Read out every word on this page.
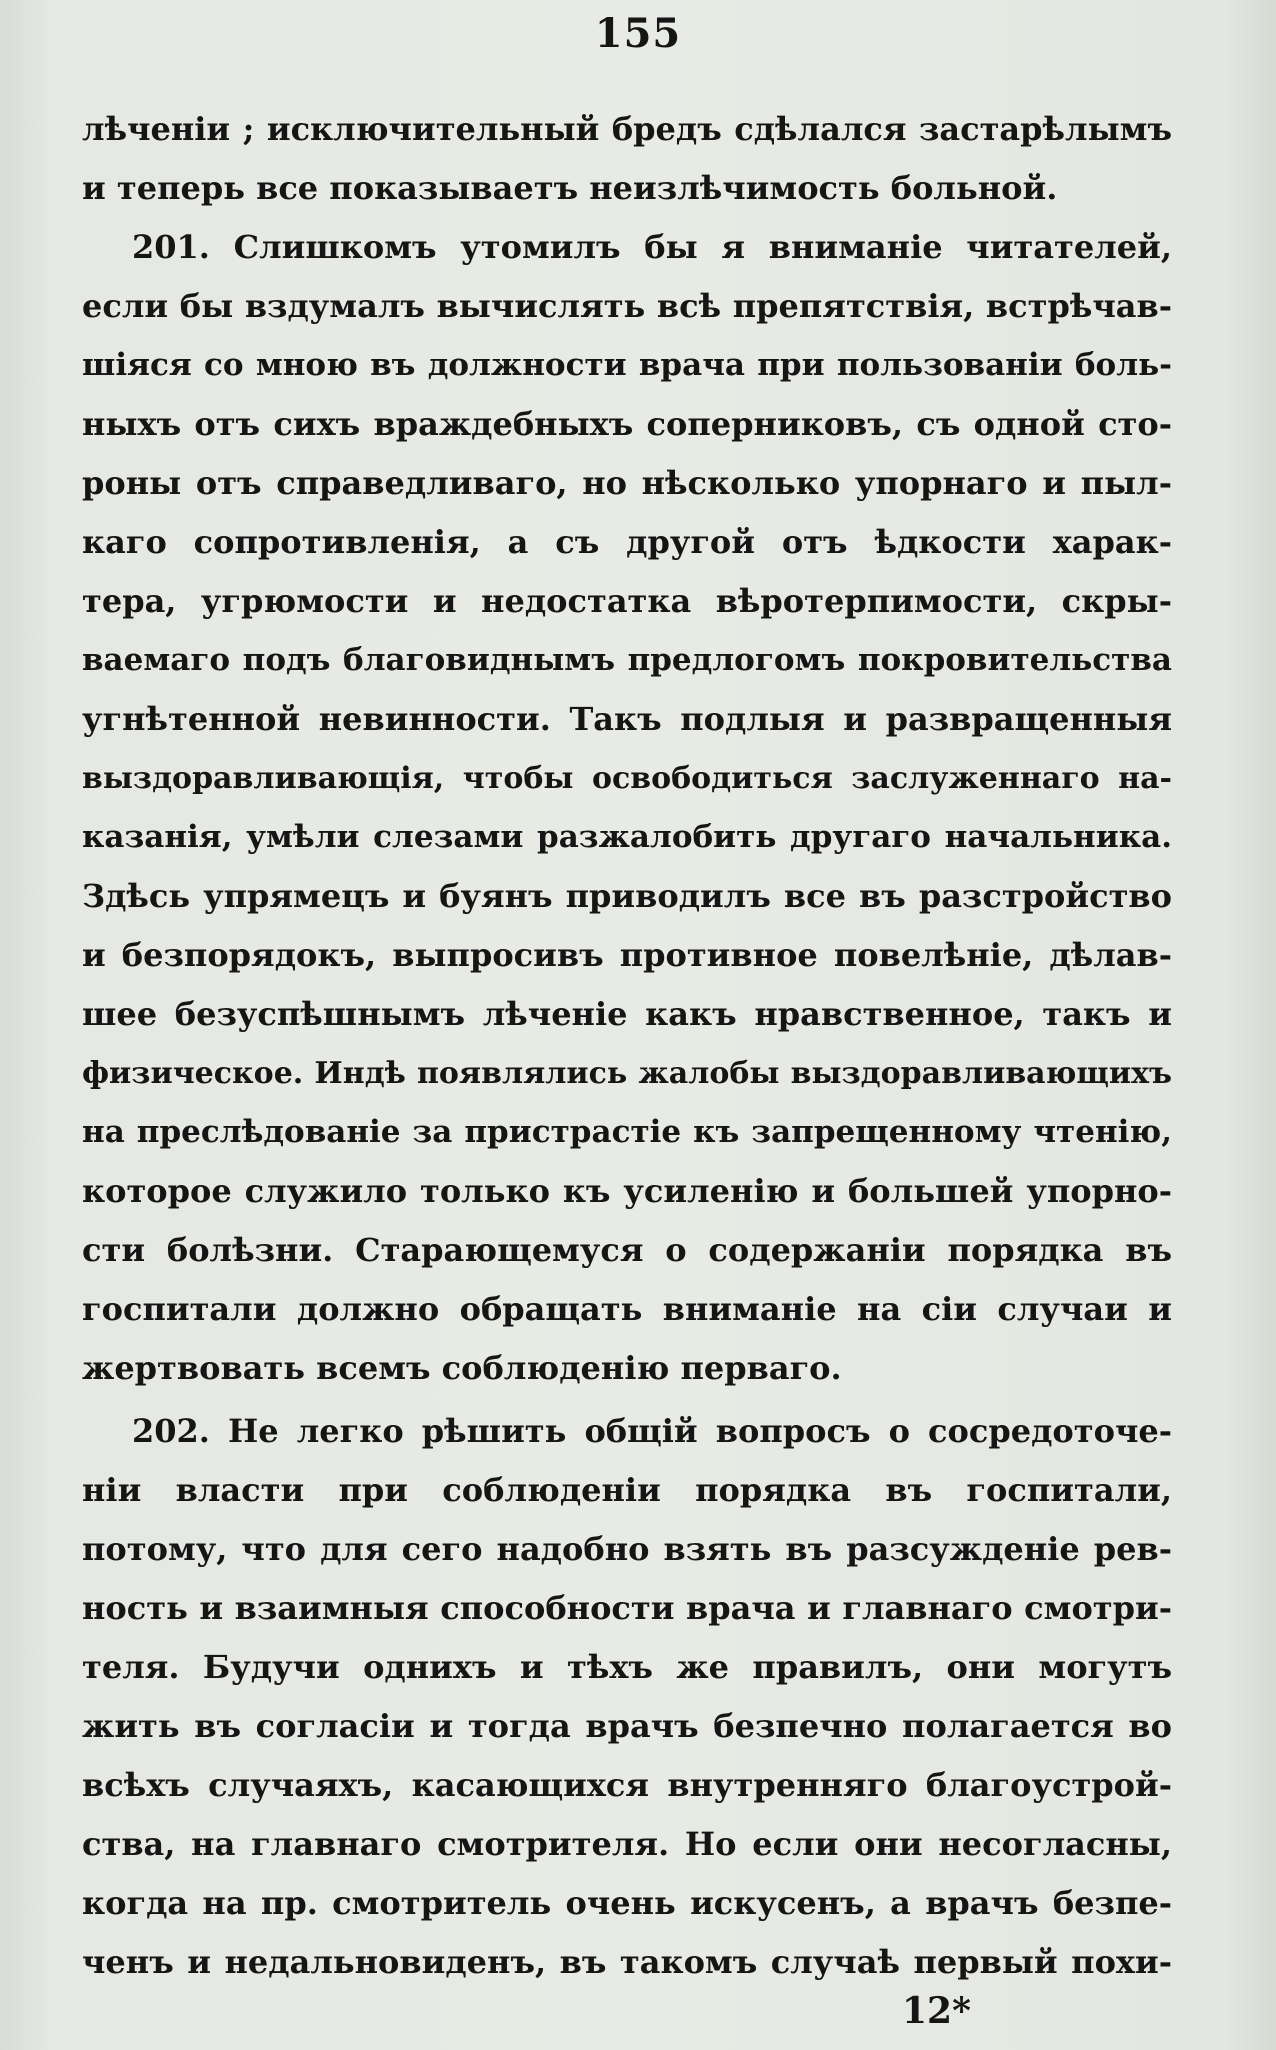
155
лѣченіи ; исключительный бредъ сдѣлался застарѣлымъ
и теперь все показываетъ неизлѣчимость больной.
201. Слишкомъ утомилъ бы я вниманіе читателей,
если бы вздумалъ вычислять всѣ препятствія, встрѣчав-
шіяся со мною въ должности врача при пользованіи боль-
ныхъ отъ сихъ враждебныхъ соперниковъ, съ одной сто-
роны отъ справедливаго, но нѣсколько упорнаго и пыл-
каго сопротивленія, а съ другой отъ ѣдкости харак-
тера, угрюмости и недостатка вѣротерпимости, скры-
ваемаго подъ благовиднымъ предлогомъ покровительства
угнѣтенной невинности. Такъ подлыя и развращенныя
выздоравливающія, чтобы освободиться заслуженнаго на-
казанія, умѣли слезами разжалобить другаго начальника.
Здѣсь упрямецъ и буянъ приводилъ все въ разстройство
и безпорядокъ, выпросивъ противное повелѣніе, дѣлав-
шее безуспѣшнымъ лѣченіе какъ нравственное, такъ и
физическое. Индѣ появлялись жалобы выздоравливающихъ
на преслѣдованіе за пристрастіе къ запрещенному чтенію,
которое служило только къ усиленію и большей упорно-
сти болѣзни. Старающемуся о содержаніи порядка въ
госпитали должно обращать вниманіе на сіи случаи и
жертвовать всемъ соблюденію перваго.
202. Не легко рѣшить общій вопросъ о сосредоточе-
ніи власти при соблюденіи порядка въ госпитали,
потому, что для сего надобно взять въ разсужденіе рев-
ность и взаимныя способности врача и главнаго смотри-
теля. Будучи однихъ и тѣхъ же правилъ, они могутъ
жить въ согласіи и тогда врачъ безпечно полагается во
всѣхъ случаяхъ, касающихся внутренняго благоустрой-
ства, на главнаго смотрителя. Но если они несогласны,
когда на пр. смотритель очень искусенъ, а врачъ безпе-
ченъ и недальновиденъ, въ такомъ случаѣ первый похи-
12*
